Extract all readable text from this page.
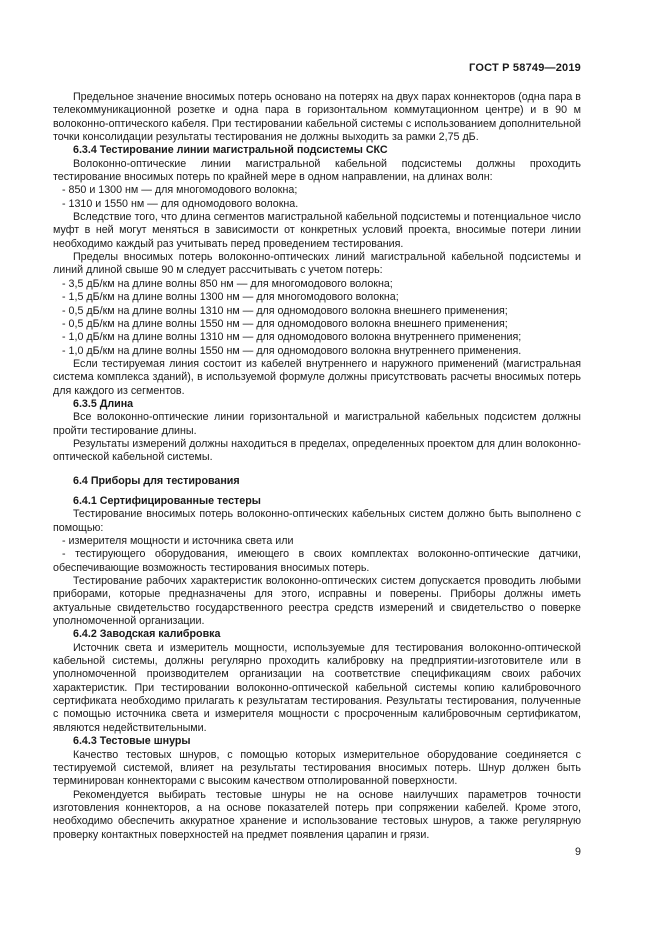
ГОСТ Р 58749—2019

Предельное значение вносимых потерь основано на потерях на двух парах коннекторов (одна пара в телекоммуникационной розетке и одна пара в горизонтальном коммутационном центре) и в 90 м волоконно-оптического кабеля. При тестировании кабельной системы с использованием дополнительной точки консолидации результаты тестирования не должны выходить за рамки 2,75 дБ.

6.3.4 Тестирование линии магистральной подсистемы СКС

Волоконно-оптические линии магистральной кабельной подсистемы должны проходить тестирование вносимых потерь по крайней мере в одном направлении, на длинах волн:

- 850 и 1300 нм — для многомодового волокна;

- 1310 и 1550 нм — для одномодового волокна.

Вследствие того, что длина сегментов магистральной кабельной подсистемы и потенциальное число муфт в ней могут меняться в зависимости от конкретных условий проекта, вносимые потери линии необходимо каждый раз учитывать перед проведением тестирования.

Пределы вносимых потерь волоконно-оптических линий магистральной кабельной подсистемы и линий длиной свыше 90 м следует рассчитывать с учетом потерь:

- 3,5 дБ/км на длине волны 850 нм — для многомодового волокна;

- 1,5 дБ/км на длине волны 1300 нм — для многомодового волокна;

- 0,5 дБ/км на длине волны 1310 нм — для одномодового волокна внешнего применения;

- 0,5 дБ/км на длине волны 1550 нм — для одномодового волокна внешнего применения;

- 1,0 дБ/км на длине волны 1310 нм — для одномодового волокна внутреннего применения;

- 1,0 дБ/км на длине волны 1550 нм — для одномодового волокна внутреннего применения.

Если тестируемая линия состоит из кабелей внутреннего и наружного применений (магистральная система комплекса зданий), в используемой формуле должны присутствовать расчеты вносимых потерь для каждого из сегментов.

6.3.5 Длина

Все волоконно-оптические линии горизонтальной и магистральной кабельных подсистем должны пройти тестирование длины.

Результаты измерений должны находиться в пределах, определенных проектом для длин волоконно-оптической кабельной системы.

6.4 Приборы для тестирования
6.4.1 Сертифицированные тестеры

Тестирование вносимых потерь волоконно-оптических кабельных систем должно быть выполнено с помощью:

- измерителя мощности и источника света или

- тестирующего оборудования, имеющего в своих комплектах волоконно-оптические датчики, обеспечивающие возможность тестирования вносимых потерь.

Тестирование рабочих характеристик волоконно-оптических систем допускается проводить любыми приборами, которые предназначены для этого, исправны и поверены. Приборы должны иметь актуальные свидетельство государственного реестра средств измерений и свидетельство о поверке уполномоченной организации.

6.4.2 Заводская калибровка

Источник света и измеритель мощности, используемые для тестирования волоконно-оптической кабельной системы, должны регулярно проходить калибровку на предприятии-изготовителе или в уполномоченной производителем организации на соответствие спецификациям своих рабочих характеристик. При тестировании волоконно-оптической кабельной системы копию калибровочного сертификата необходимо прилагать к результатам тестирования. Результаты тестирования, полученные с помощью источника света и измерителя мощности с просроченным калибровочным сертификатом, являются недействительными.

6.4.3 Тестовые шнуры

Качество тестовых шнуров, с помощью которых измерительное оборудование соединяется с тестируемой системой, влияет на результаты тестирования вносимых потерь. Шнур должен быть терминирован коннекторами с высоким качеством отполированной поверхности.

Рекомендуется выбирать тестовые шнуры не на основе наилучших параметров точности изготовления коннекторов, а на основе показателей потерь при сопряжении кабелей. Кроме этого, необходимо обеспечить аккуратное хранение и использование тестовых шнуров, а также регулярную проверку контактных поверхностей на предмет появления царапин и грязи.

9
